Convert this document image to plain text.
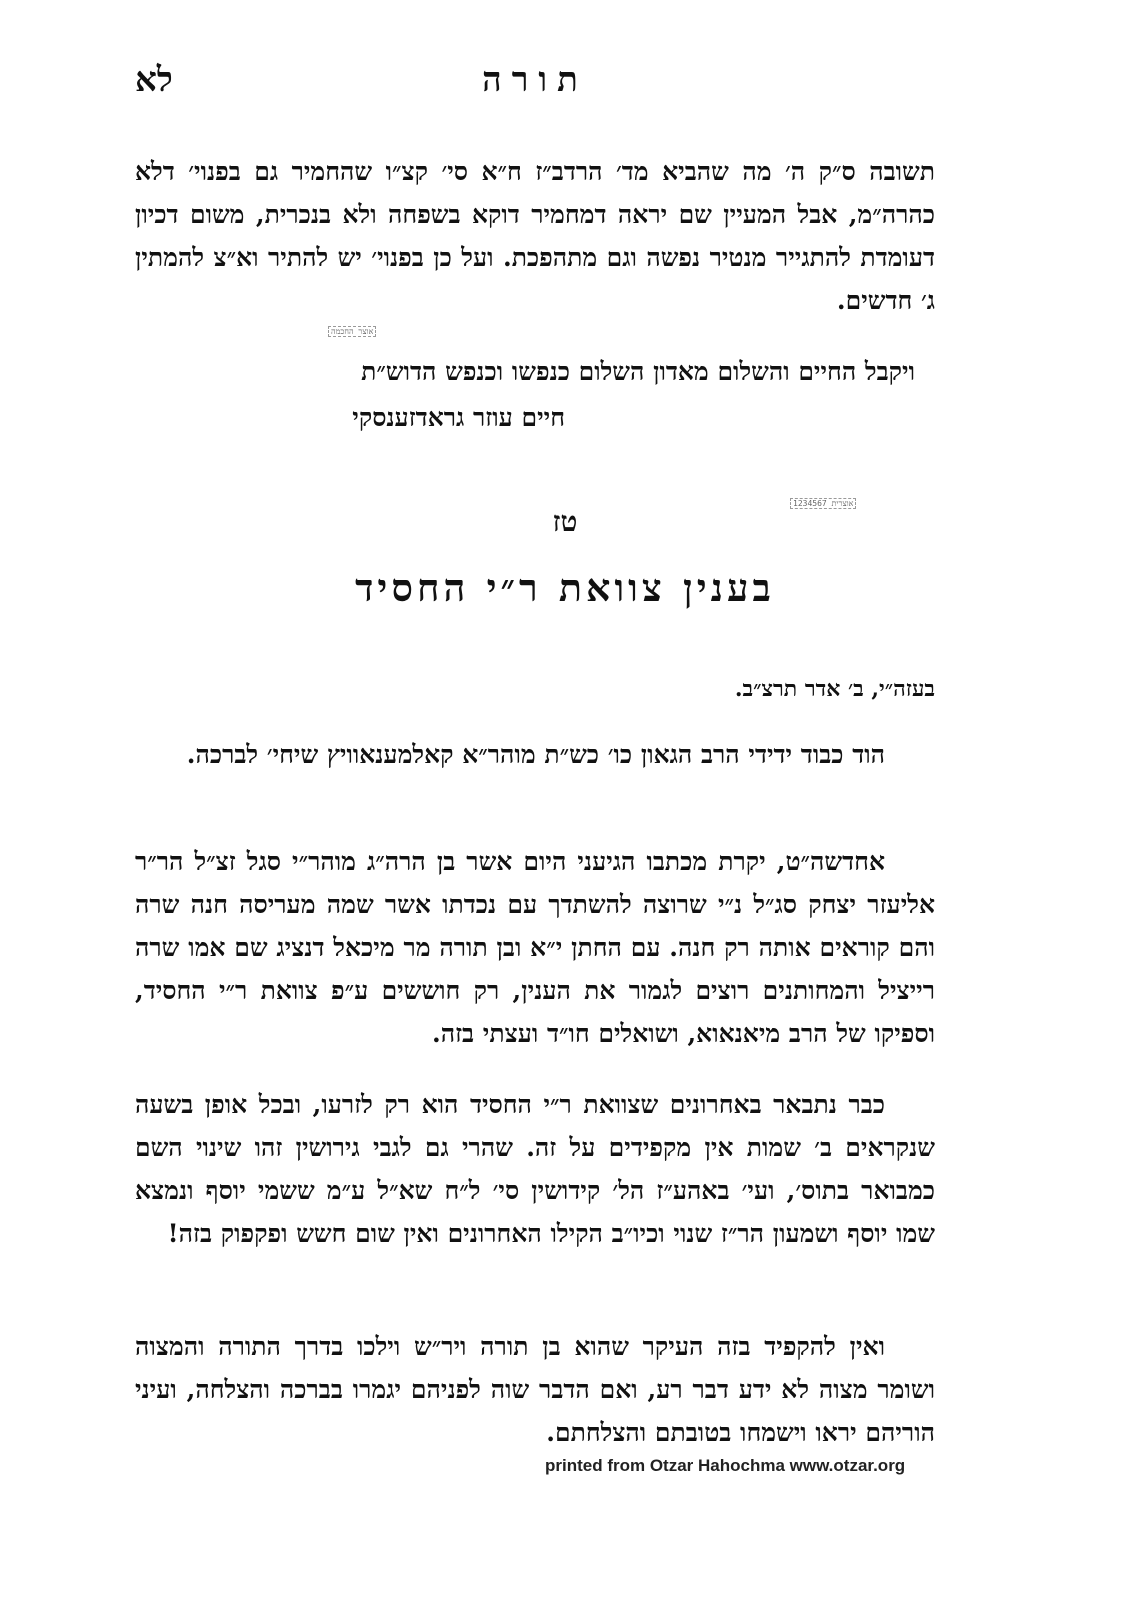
תורה
לא

תשובה ס״ק ה׳ מה שהביא מד׳ הרדב״ז ח״א סי׳ קצ״ו שהחמיר גם בפנוי׳ דלא כהרה״מ, אבל המעיין שם יראה דמחמיר דוקא בשפחה ולא בנכרית, משום דכיון דעומדת להתגייר מנטיר נפשה וגם מתהפכת. ועל כן בפנוי׳ יש להתיר וא״צ להמתין ג׳ חדשים.

אוצר החכמה
ויקבל החיים והשלום מאדון השלום כנפשו וכנפש הדוש״ת
חיים עוזר גראדזענסקי
אוצרית 1234567
טז
בענין צוואת ר״י החסיד
בעזה״י, ב׳ אדר תרצ״ב.

הוד כבוד ידידי הרב הגאון כו׳ כש״ת מוהר״א קאלמענאוויץ שיחי׳ לברכה.

אחדשה״ט, יקרת מכתבו הגיעני היום אשר בן הרה״ג מוהר״י סגל זצ״ל הר״ר אליעזר יצחק סג״ל נ״י שרוצה להשתדך עם נכדתו אשר שמה מעריסה חנה שרה והם קוראים אותה רק חנה. עם החתן י״א ובן תורה מר מיכאל דנציג שם אמו שרה רייציל והמחותנים רוצים לגמור את הענין, רק חוששים ע״פ צוואת ר״י החסיד, וספיקו של הרב מיאנאוא, ושואלים חו״ד ועצתי בזה.

כבר נתבאר באחרונים שצוואת ר״י החסיד הוא רק לזרעו, ובכל אופן בשעה שנקראים ב׳ שמות אין מקפידים על זה. שהרי גם לגבי גירושין זהו שינוי השם כמבואר בתוס׳, ועי׳ באהע״ז הל׳ קידושין סי׳ ל״ח שא״ל ע״מ ששמי יוסף ונמצא שמו יוסף ושמעון הר״ז שנוי וכיו״ב הקילו האחרונים ואין שום חשש ופקפוק בזה!

ואין להקפיד בזה העיקר שהוא בן תורה ויר״ש וילכו בדרך התורה והמצוה ושומר מצוה לא ידע דבר רע, ואם הדבר שוה לפניהם יגמרו בברכה והצלחה, ועיני הוריהם יראו וישמחו בטובתם והצלחתם.

printed from Otzar Hahochma www.otzar.org
